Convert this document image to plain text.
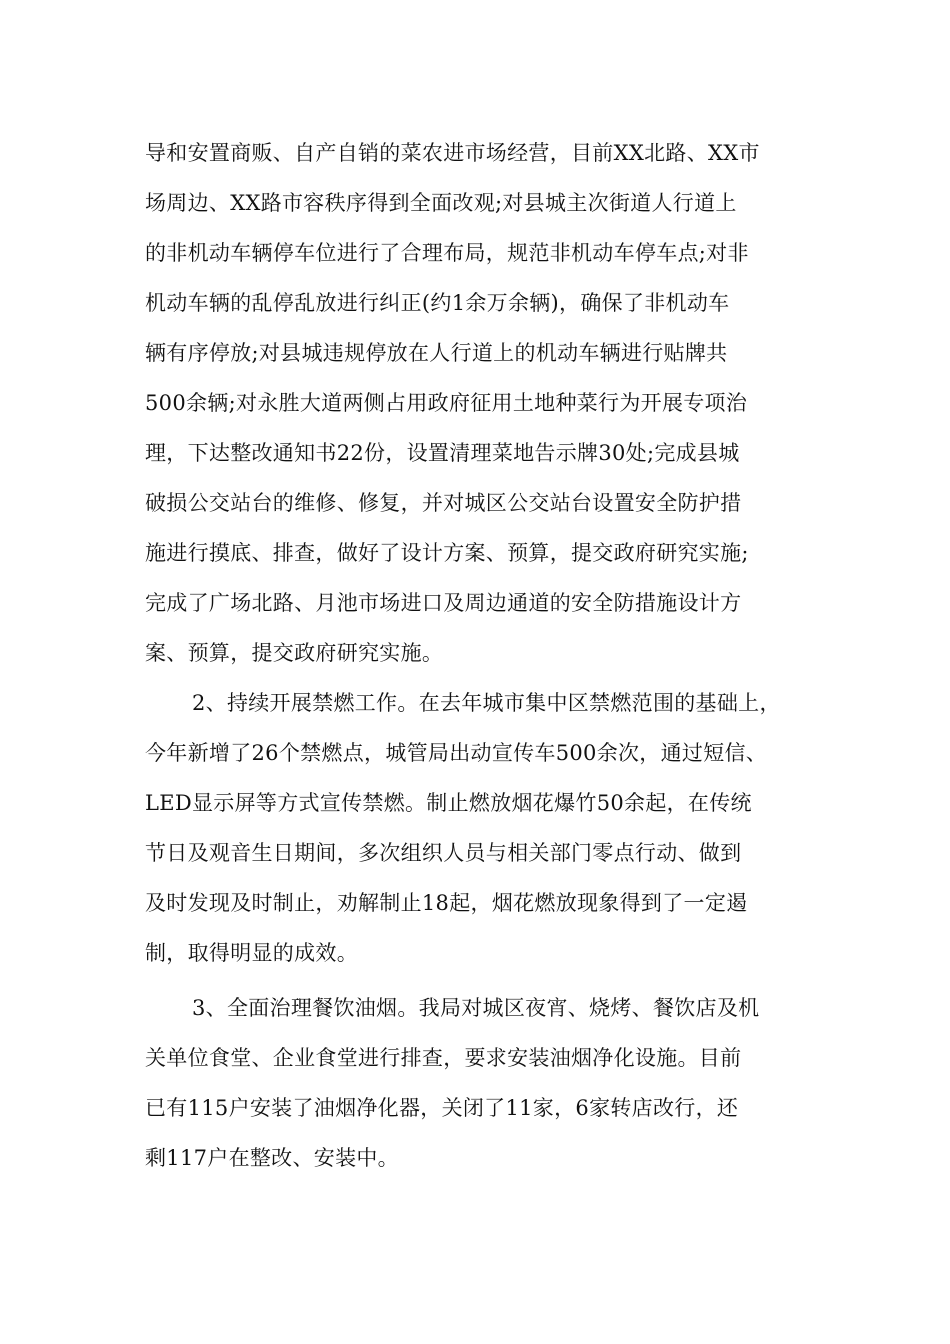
导和安置商贩、自产自销的菜农进市场经营，目前XX北路、XX市
场周边、XX路市容秩序得到全面改观;对县城主次街道人行道上
的非机动车辆停车位进行了合理布局，规范非机动车停车点;对非
机动车辆的乱停乱放进行纠正(约1余万余辆)，确保了非机动车
辆有序停放;对县城违规停放在人行道上的机动车辆进行贴牌共
500余辆;对永胜大道两侧占用政府征用土地种菜行为开展专项治
理，下达整改通知书22份，设置清理菜地告示牌30处;完成县城
破损公交站台的维修、修复，并对城区公交站台设置安全防护措
施进行摸底、排查，做好了设计方案、预算，提交政府研究实施;
完成了广场北路、月池市场进口及周边通道的安全防措施设计方
案、预算，提交政府研究实施。
2、持续开展禁燃工作。在去年城市集中区禁燃范围的基础上，
今年新增了26个禁燃点，城管局出动宣传车500余次，通过短信、
LED显示屏等方式宣传禁燃。制止燃放烟花爆竹50余起，在传统
节日及观音生日期间，多次组织人员与相关部门零点行动、做到
及时发现及时制止，劝解制止18起，烟花燃放现象得到了一定遏
制，取得明显的成效。
3、全面治理餐饮油烟。我局对城区夜宵、烧烤、餐饮店及机
关单位食堂、企业食堂进行排查，要求安装油烟净化设施。目前
已有115户安装了油烟净化器，关闭了11家，6家转店改行，还
剩117户在整改、安装中。
